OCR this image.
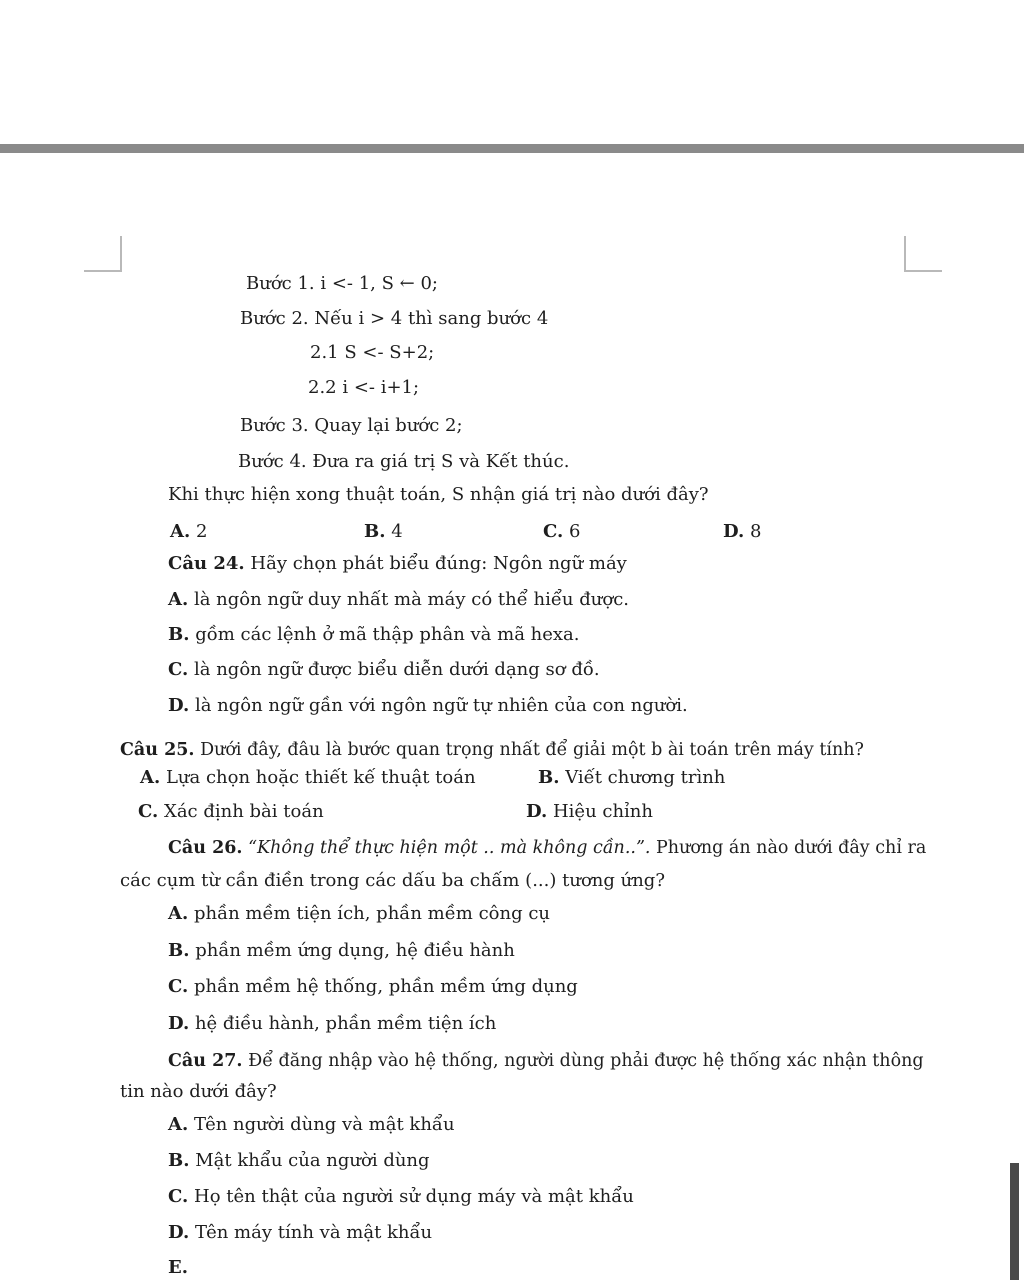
Bước 1. i <- 1, S ← 0;
Bước 2. Nếu i > 4 thì sang bước 4
2.1 S <- S+2;
2.2 i <- i+1;
Bước 3. Quay lại bước 2;
Bước 4. Đưa ra giá trị S và Kết thúc.
Khi thực hiện xong thuật toán, S nhận giá trị nào dưới đây?
A. 2	B. 4	C. 6	D. 8
Câu 24. Hãy chọn phát biểu đúng: Ngôn ngữ máy
A. là ngôn ngữ duy nhất mà máy có thể hiểu được.
B. gồm các lệnh ở mã thập phân và mã hexa.
C. là ngôn ngữ được biểu diễn dưới dạng sơ đồ.
D. là ngôn ngữ gần với ngôn ngữ tự nhiên của con người.
Câu 25. Dưới đây, đâu là bước quan trọng nhất để giải một b ài toán trên máy tính?
A. Lựa chọn hoặc thiết kế thuật toán	B. Viết chương trình
C. Xác định bài toán	D. Hiệu chỉnh
Câu 26. “Không thể thực hiện một .. mà không cần..”. Phương án nào dưới đây chỉ ra
các cụm từ cần điền trong các dấu ba chấm (...) tương ứng?
A. phần mềm tiện ích, phần mềm công cụ
B. phần mềm ứng dụng, hệ điều hành
C. phần mềm hệ thống, phần mềm ứng dụng
D. hệ điều hành, phần mềm tiện ích
Câu 27. Để đăng nhập vào hệ thống, người dùng phải được hệ thống xác nhận thông
tin nào dưới đây?
A. Tên người dùng và mật khẩu
B. Mật khẩu của người dùng
C. Họ tên thật của người sử dụng máy và mật khẩu
D. Tên máy tính và mật khẩu
E.
